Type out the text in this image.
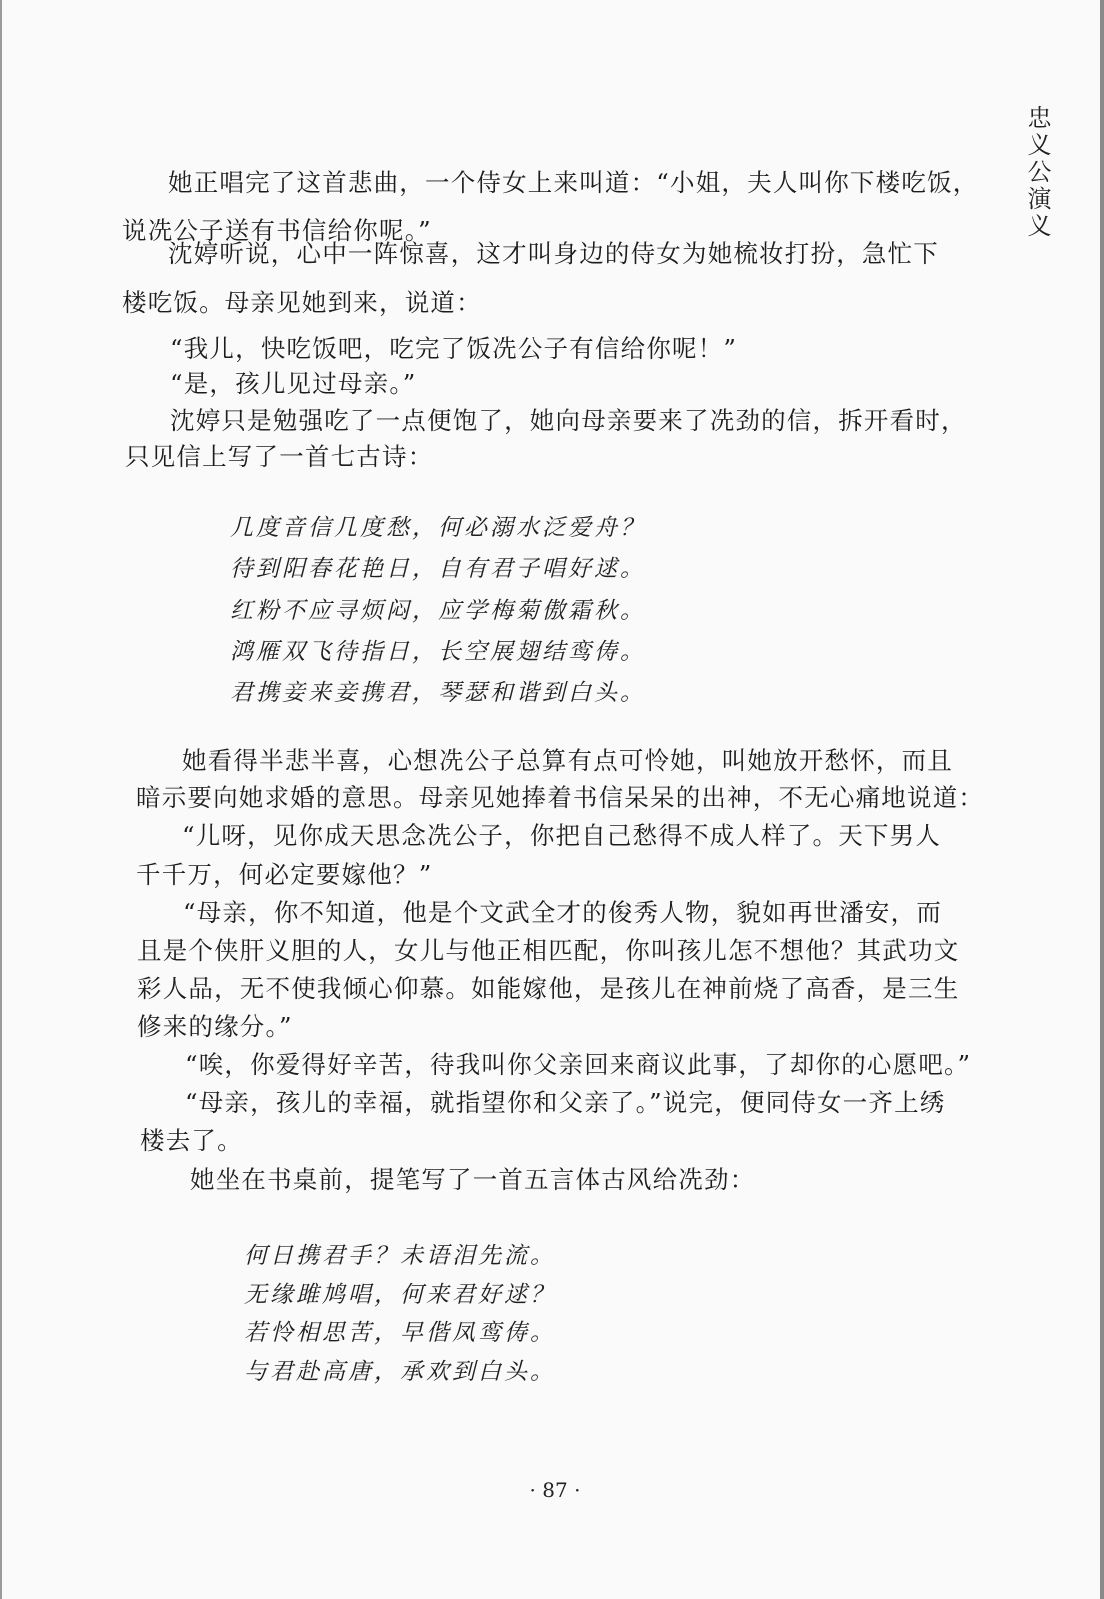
忠义公演义

她正唱完了这首悲曲，一个侍女上来叫道：“小姐，夫人叫你下楼吃饭，

说冼公子送有书信给你呢。”

沈婷听说，心中一阵惊喜，这才叫身边的侍女为她梳妆打扮，急忙下

楼吃饭。母亲见她到来，说道：

“我儿，快吃饭吧，吃完了饭冼公子有信给你呢！”

“是，孩儿见过母亲。”

沈婷只是勉强吃了一点便饱了，她向母亲要来了冼劲的信，拆开看时，

只见信上写了一首七古诗：

几度音信几度愁，何必溺水泛爱舟？

待到阳春花艳日，自有君子唱好逑。

红粉不应寻烦闷，应学梅菊傲霜秋。

鸿雁双飞待指日，长空展翅结鸾俦。

君携妾来妾携君，琴瑟和谐到白头。

她看得半悲半喜，心想冼公子总算有点可怜她，叫她放开愁怀，而且

暗示要向她求婚的意思。母亲见她捧着书信呆呆的出神，不无心痛地说道：

“儿呀，见你成天思念冼公子，你把自己愁得不成人样了。天下男人

千千万，何必定要嫁他？”

“母亲，你不知道，他是个文武全才的俊秀人物，貌如再世潘安，而

且是个侠肝义胆的人，女儿与他正相匹配，你叫孩儿怎不想他？其武功文

彩人品，无不使我倾心仰慕。如能嫁他，是孩儿在神前烧了高香，是三生

修来的缘分。”

“唉，你爱得好辛苦，待我叫你父亲回来商议此事，了却你的心愿吧。”

“母亲，孩儿的幸福，就指望你和父亲了。”说完，便同侍女一齐上绣

楼去了。

她坐在书桌前，提笔写了一首五言体古风给冼劲：

何日携君手？未语泪先流。

无缘雎鸠唱，何来君好逑？

若怜相思苦，早偕凤鸾俦。

与君赴高唐，承欢到白头。

· 87 ·
